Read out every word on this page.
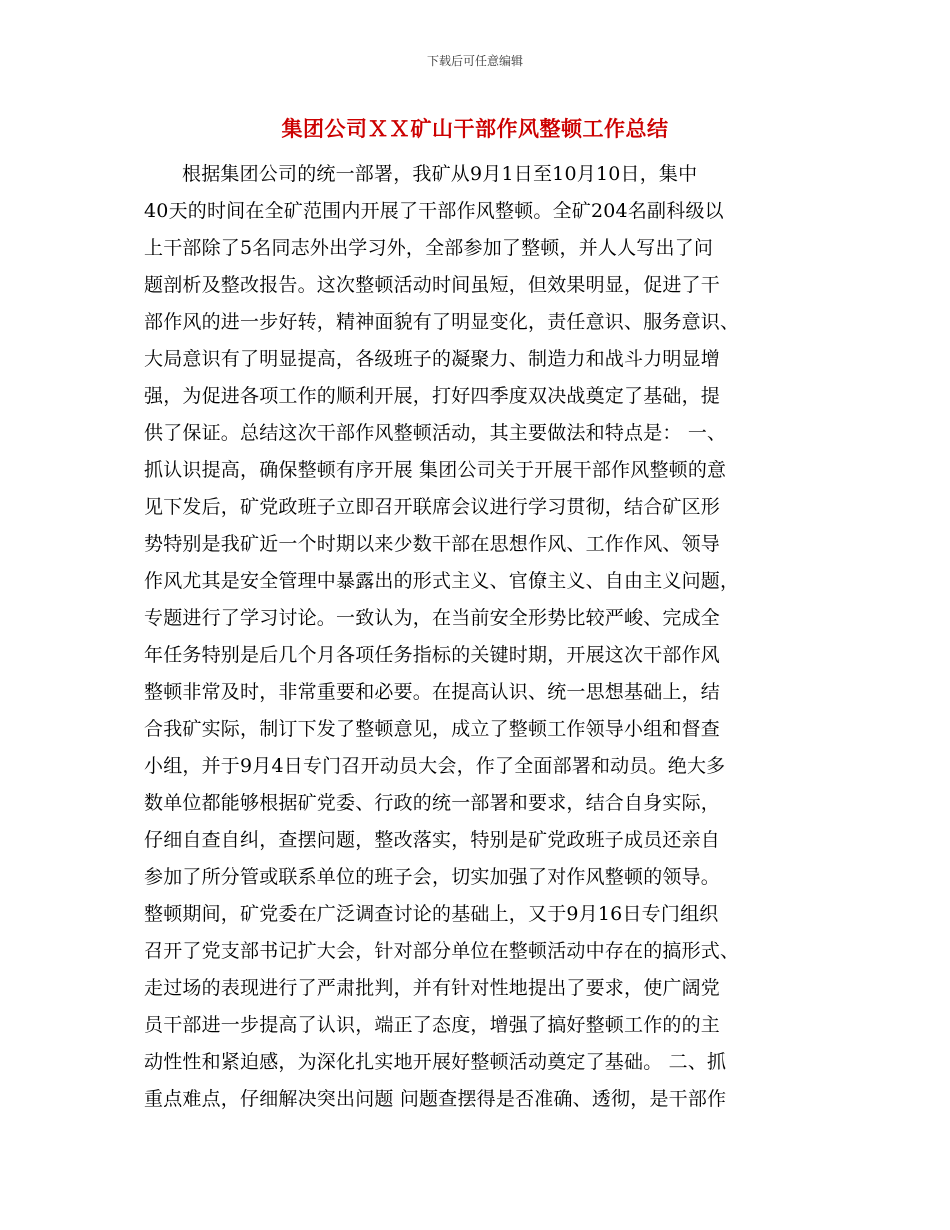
下载后可任意编辑
集团公司ＸＸ矿山干部作风整顿工作总结
根据集团公司的统一部署，我矿从9月1日至10月10日，集中
40天的时间在全矿范围内开展了干部作风整顿。全矿204名副科级以
上干部除了5名同志外出学习外，全部参加了整顿，并人人写出了问
题剖析及整改报告。这次整顿活动时间虽短，但效果明显，促进了干
部作风的进一步好转，精神面貌有了明显变化，责任意识、服务意识、
大局意识有了明显提高，各级班子的凝聚力、制造力和战斗力明显增
强，为促进各项工作的顺利开展，打好四季度双决战奠定了基础，提
供了保证。总结这次干部作风整顿活动，其主要做法和特点是： 一、
抓认识提高，确保整顿有序开展 集团公司关于开展干部作风整顿的意
见下发后，矿党政班子立即召开联席会议进行学习贯彻，结合矿区形
势特别是我矿近一个时期以来少数干部在思想作风、工作作风、领导
作风尤其是安全管理中暴露出的形式主义、官僚主义、自由主义问题，
专题进行了学习讨论。一致认为，在当前安全形势比较严峻、完成全
年任务特别是后几个月各项任务指标的关键时期，开展这次干部作风
整顿非常及时，非常重要和必要。在提高认识、统一思想基础上，结
合我矿实际，制订下发了整顿意见，成立了整顿工作领导小组和督查
小组，并于9月4日专门召开动员大会，作了全面部署和动员。绝大多
数单位都能够根据矿党委、行政的统一部署和要求，结合自身实际，
仔细自查自纠，查摆问题，整改落实，特别是矿党政班子成员还亲自
参加了所分管或联系单位的班子会，切实加强了对作风整顿的领导。
整顿期间，矿党委在广泛调查讨论的基础上，又于9月16日专门组织
召开了党支部书记扩大会，针对部分单位在整顿活动中存在的搞形式、
走过场的表现进行了严肃批判，并有针对性地提出了要求，使广阔党
员干部进一步提高了认识，端正了态度，增强了搞好整顿工作的的主
动性性和紧迫感，为深化扎实地开展好整顿活动奠定了基础。 二、抓
重点难点，仔细解决突出问题 问题查摆得是否准确、透彻，是干部作
